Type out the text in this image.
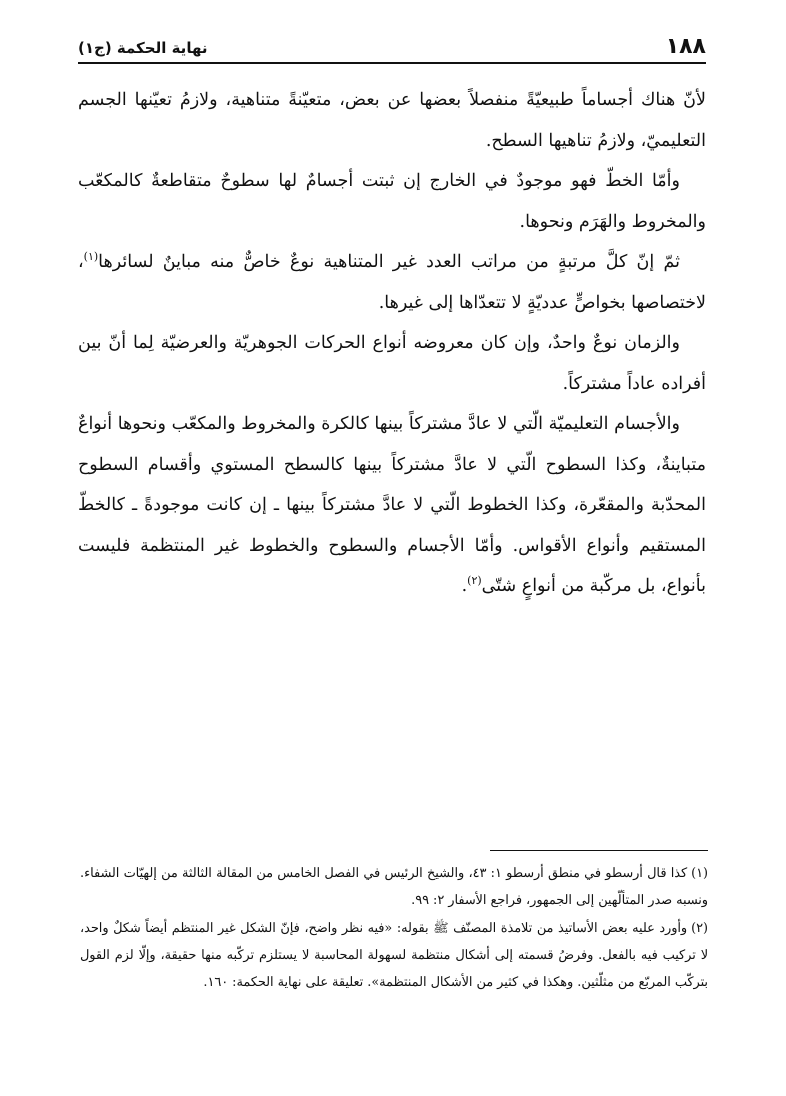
١٨٨
نهاية الحكمة (ج١)

لأنّ هناك أجساماً طبيعيّةً منفصلاً بعضها عن بعض، متعيّنةً متناهية، ولازمُ تعيّنها الجسم التعليميّ، ولازمُ تناهيها السطح.

وأمّا الخطّ فهو موجودٌ في الخارج إن ثبتت أجسامٌ لها سطوحٌ متقاطعةٌ كالمكعّب والمخروط والهَرَم ونحوها.

ثمّ إنّ كلَّ مرتبةٍ من مراتب العدد غير المتناهية نوعٌ خاصٌّ منه مباينٌ لسائرها$^{(١)}$، لاختصاصها بخواصٍّ عدديّةٍ لا تتعدّاها إلى غيرها.

والزمان نوعٌ واحدٌ، وإن كان معروضه أنواع الحركات الجوهريّة والعرضيّة لِما أنّ بين أفراده عاداً مشتركاً.

والأجسام التعليميّة الّتي لا عادَّ مشتركاً بينها كالكرة والمخروط والمكعّب ونحوها أنواعٌ متباينةٌ، وكذا السطوح الّتي لا عادَّ مشتركاً بينها كالسطح المستوي وأقسام السطوح المحدّبة والمقعّرة، وكذا الخطوط الّتي لا عادَّ مشتركاً بينها ـ إن كانت موجودةً ـ كالخطّ المستقيم وأنواع الأقواس. وأمّا الأجسام والسطوح والخطوط غير المنتظمة فليست بأنواع، بل مركّبة من أنواعٍ شتّى$^{(٢)}$.

(١)كذا قال أرسطو في منطق أرسطو ١: ٤٣، والشيخ الرئيس في الفصل الخامس من المقالة الثالثة من إلهيّات الشفاء. ونسبه صدر المتألّهين إلى الجمهور، فراجع الأسفار ٢: ٩٩.

(٢)وأورد عليه بعض الأساتيذ من تلامذة المصنّف ﷺ بقوله: «فيه نظر واضح، فإنّ الشكل غير المنتظم أيضاً شكلٌ واحد، لا تركيب فيه بالفعل. وفرضُ قسمته إلى أشكال منتظمة لسهولة المحاسبة لا يستلزم تركّبه منها حقيقة، وإلّا لزم القول بتركّب المربّع من مثلّثين. وهكذا في كثير من الأشكال المنتظمة». تعليقة على نهاية الحكمة: ١٦٠.
